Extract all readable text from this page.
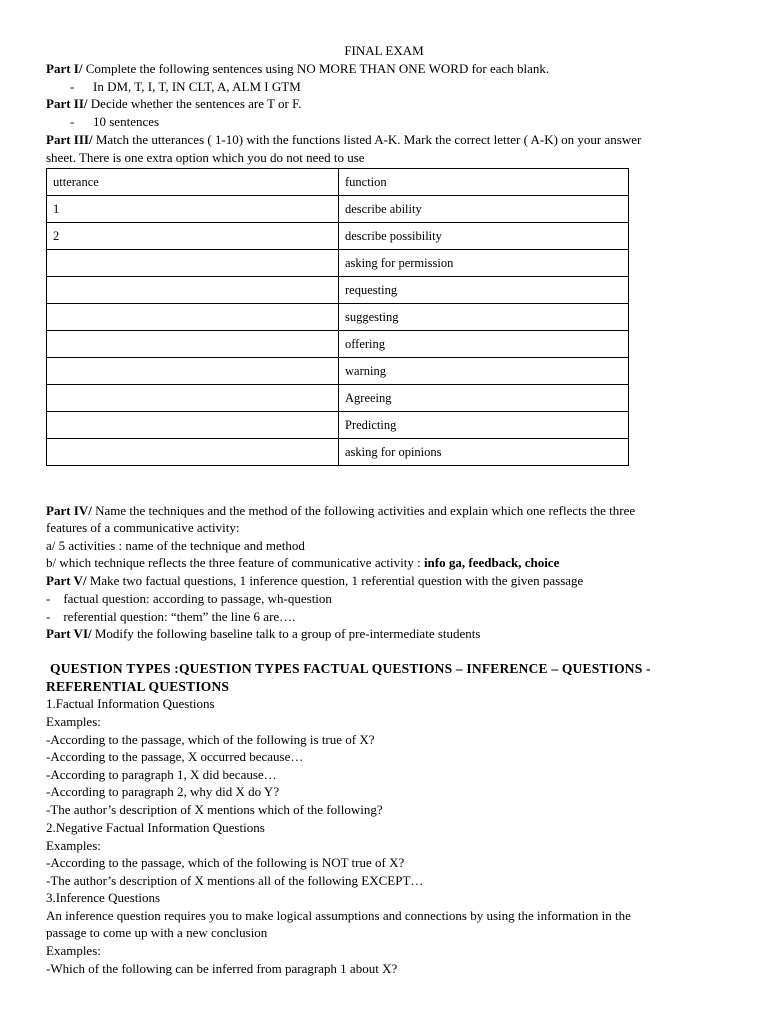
FINAL EXAM
Part I/ Complete the following sentences using NO MORE THAN ONE WORD for each blank.
- In DM, T, I, T, IN CLT, A, ALM I GTM
Part II/ Decide whether the sentences are T or F.
- 10 sentences
Part III/ Match the utterances ( 1-10) with the functions listed A-K. Mark the correct letter ( A-K) on your answer
sheet. There is one extra option which you do not need to use
utterance	function
1	describe ability
2	describe possibility
	asking for permission
	requesting
	suggesting
	offering
	warning
	Agreeing
	Predicting
	asking for opinions
Part IV/ Name the techniques and the method of the following activities and explain which one reflects the three
features of a communicative activity:
a/ 5 activities : name of the technique and method
b/ which technique reflects the three feature of communicative activity : info ga, feedback, choice
Part V/ Make two factual questions, 1 inference question, 1 referential question with the given passage
-    factual question: according to passage, wh-question
-    referential question: “them” the line 6 are….
Part VI/ Modify the following baseline talk to a group of pre-intermediate students
QUESTION TYPES :QUESTION TYPES FACTUAL QUESTIONS – INFERENCE – QUESTIONS -
REFERENTIAL QUESTIONS
1.Factual Information Questions
Examples:
-According to the passage, which of the following is true of X?
-According to the passage, X occurred because…
-According to paragraph 1, X did because…
-According to paragraph 2, why did X do Y?
-The author’s description of X mentions which of the following?
2.Negative Factual Information Questions
Examples:
-According to the passage, which of the following is NOT true of X?
-The author’s description of X mentions all of the following EXCEPT…
3.Inference Questions
An inference question requires you to make logical assumptions and connections by using the information in the
passage to come up with a new conclusion
Examples:
-Which of the following can be inferred from paragraph 1 about X?
